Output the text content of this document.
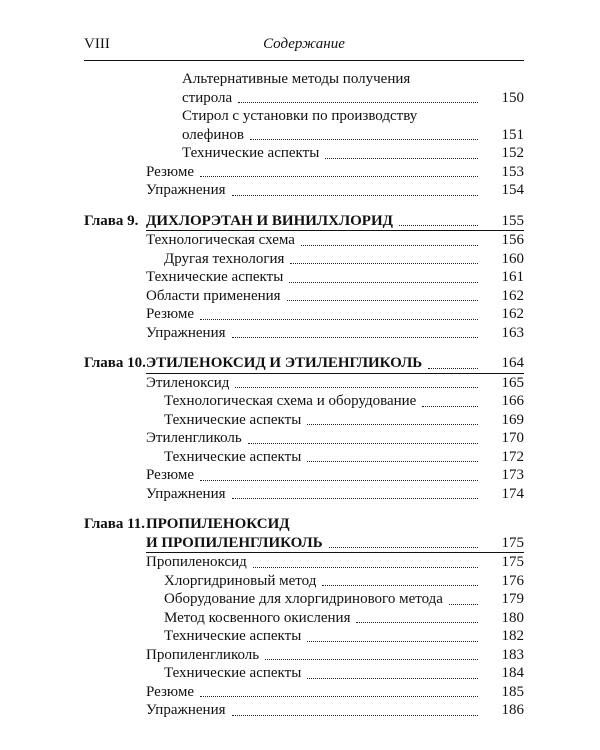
VIII	Содержание
Альтернативные методы получения
стирола	150
Стирол с установки по производству
олефинов	151
Технические аспекты	152
Резюме	153
Упражнения	154
Глава 9. ДИХЛОРЭТАН И ВИНИЛХЛОРИД	155
Технологическая схема	156
Другая технология	160
Технические аспекты	161
Области применения	162
Резюме	162
Упражнения	163
Глава 10. ЭТИЛЕНОКСИД И ЭТИЛЕНГЛИКОЛЬ	164
Этиленоксид	165
Технологическая схема и оборудование	166
Технические аспекты	169
Этиленгликоль	170
Технические аспекты	172
Резюме	173
Упражнения	174
Глава 11. ПРОПИЛЕНОКСИД
И ПРОПИЛЕНГЛИКОЛЬ	175
Пропиленоксид	175
Хлоргидриновый метод	176
Оборудование для хлоргидринового метода	179
Метод косвенного окисления	180
Технические аспекты	182
Пропиленгликоль	183
Технические аспекты	184
Резюме	185
Упражнения	186
